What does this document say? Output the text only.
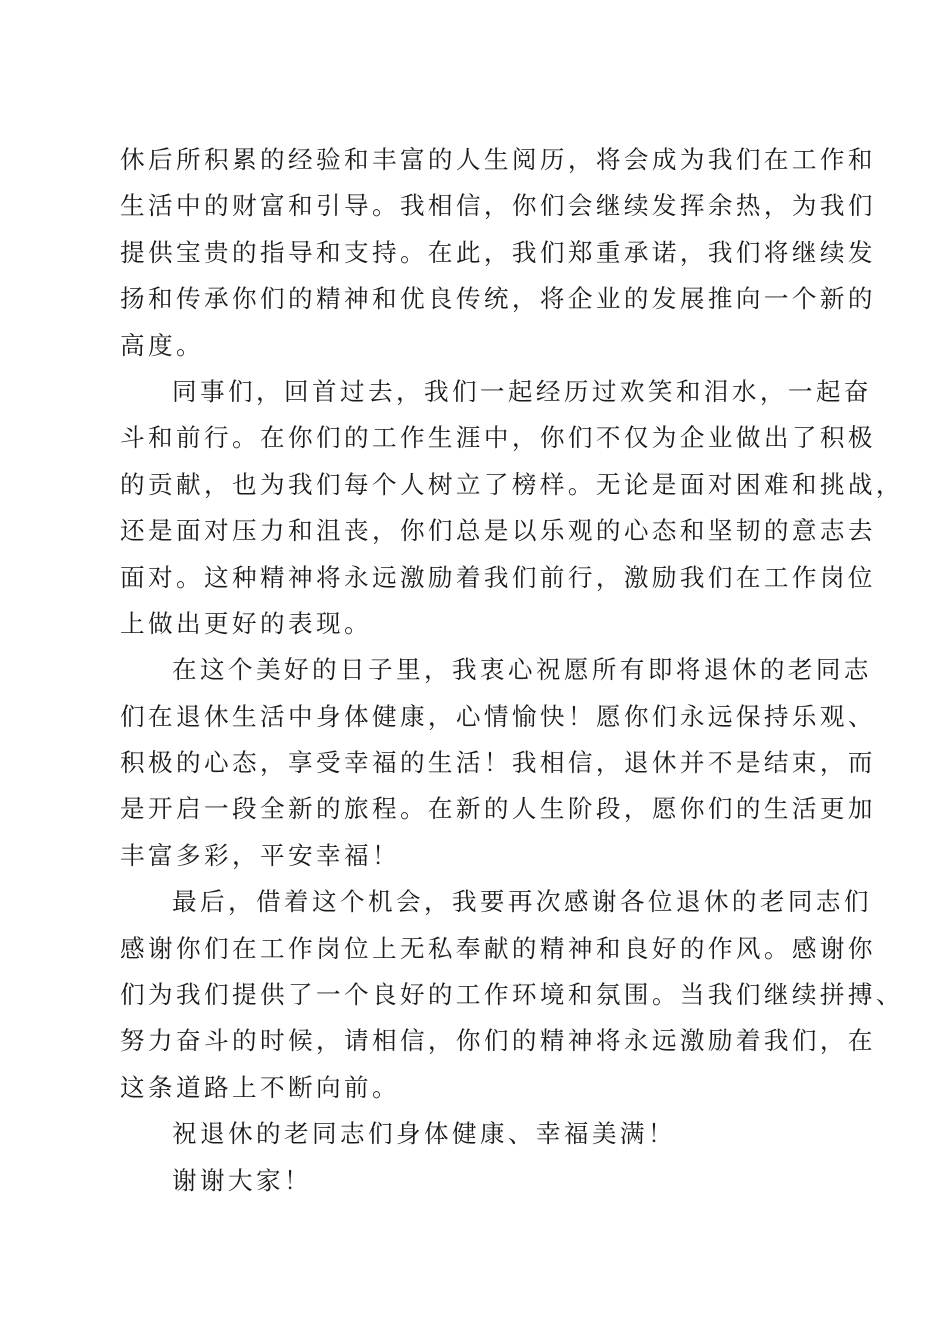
休后所积累的经验和丰富的人生阅历，将会成为我们在工作和
生活中的财富和引导。我相信，你们会继续发挥余热，为我们
提供宝贵的指导和支持。在此，我们郑重承诺，我们将继续发
扬和传承你们的精神和优良传统，将企业的发展推向一个新的
高度。
同事们，回首过去，我们一起经历过欢笑和泪水，一起奋
斗和前行。在你们的工作生涯中，你们不仅为企业做出了积极
的贡献，也为我们每个人树立了榜样。无论是面对困难和挑战，
还是面对压力和沮丧，你们总是以乐观的心态和坚韧的意志去
面对。这种精神将永远激励着我们前行，激励我们在工作岗位
上做出更好的表现。
在这个美好的日子里，我衷心祝愿所有即将退休的老同志
们在退休生活中身体健康，心情愉快！愿你们永远保持乐观、
积极的心态，享受幸福的生活！我相信，退休并不是结束，而
是开启一段全新的旅程。在新的人生阶段，愿你们的生活更加
丰富多彩，平安幸福！
最后，借着这个机会，我要再次感谢各位退休的老同志们
感谢你们在工作岗位上无私奉献的精神和良好的作风。感谢你
们为我们提供了一个良好的工作环境和氛围。当我们继续拼搏、
努力奋斗的时候，请相信，你们的精神将永远激励着我们，在
这条道路上不断向前。
祝退休的老同志们身体健康、幸福美满！
谢谢大家！
